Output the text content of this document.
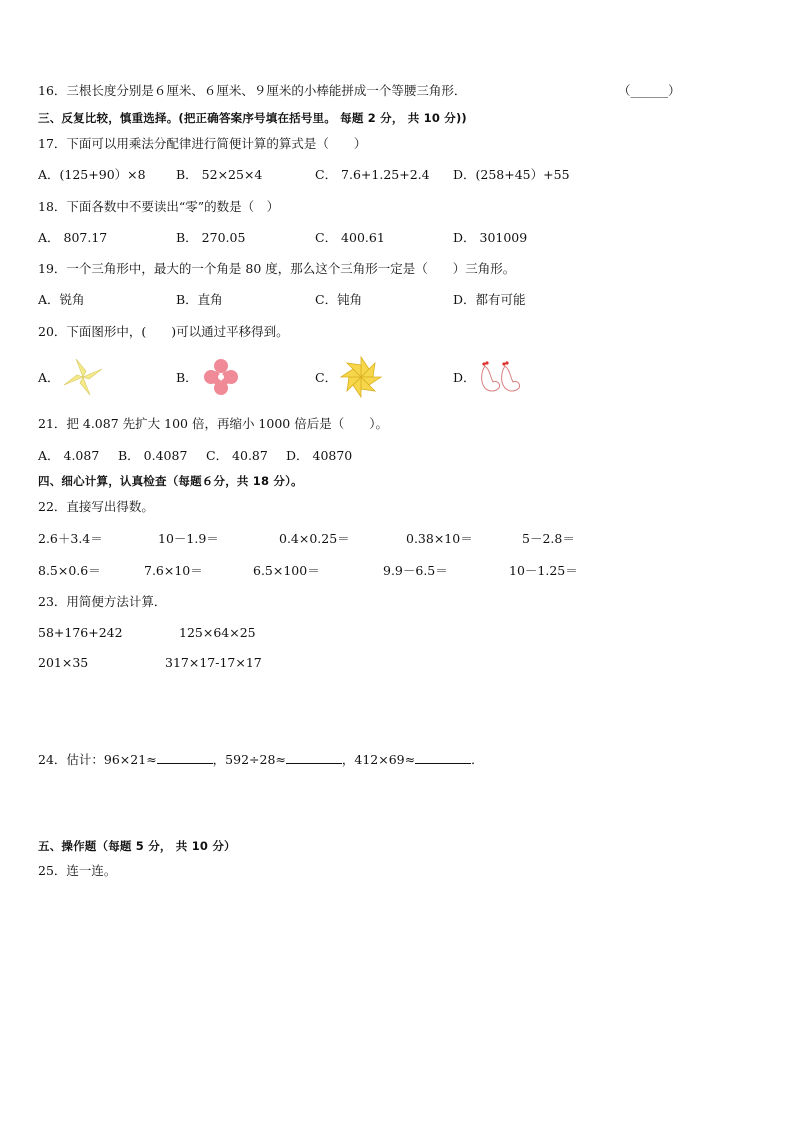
16．三根长度分别是６厘米、６厘米、９厘米的小棒能拼成一个等腰三角形．	（______）
三、反复比较，慎重选择。(把正确答案序号填在括号里。 每题 2 分， 共 10 分))
17．下面可以用乘法分配律进行简便计算的算式是（　　）
A．(125+90）×8 B． 52×25×4	C． 7.6+1.25+2.4 D．(258+45）+55
18．下面各数中不要读出“零”的数是（　）
A． 807.17	B． 270.05	C． 400.61	D． 301009
19．一个三角形中，最大的一个角是 80 度，那么这个三角形一定是（　　）三角形。
A．锐角	B．直角	C．钝角	D．都有可能
20．下面图形中，(　　)可以通过平移得到。
A．	B．	C．	D．
21．把 4.087 先扩大 100 倍，再缩小 1000 倍后是（　　）。
A． 4.087 B． 0.4087 C． 40.87 D． 40870
四、细心计算，认真检查（每题６分，共 18 分）。
22．直接写出得数。
2.6＋3.4＝	10－1.9＝	0.4×0.25＝	0.38×10＝	5－2.8＝
8.5×0.6＝	7.6×10＝	6.5×100＝	9.9－6.5＝	10－1.25＝
23．用简便方法计算．
58+176+242	125×64×25
201×35	317×17-17×17
24．估计：96×21≈	，592÷28≈	，412×69≈	．
五、操作题（每题 5 分， 共 10 分）
25．连一连。
